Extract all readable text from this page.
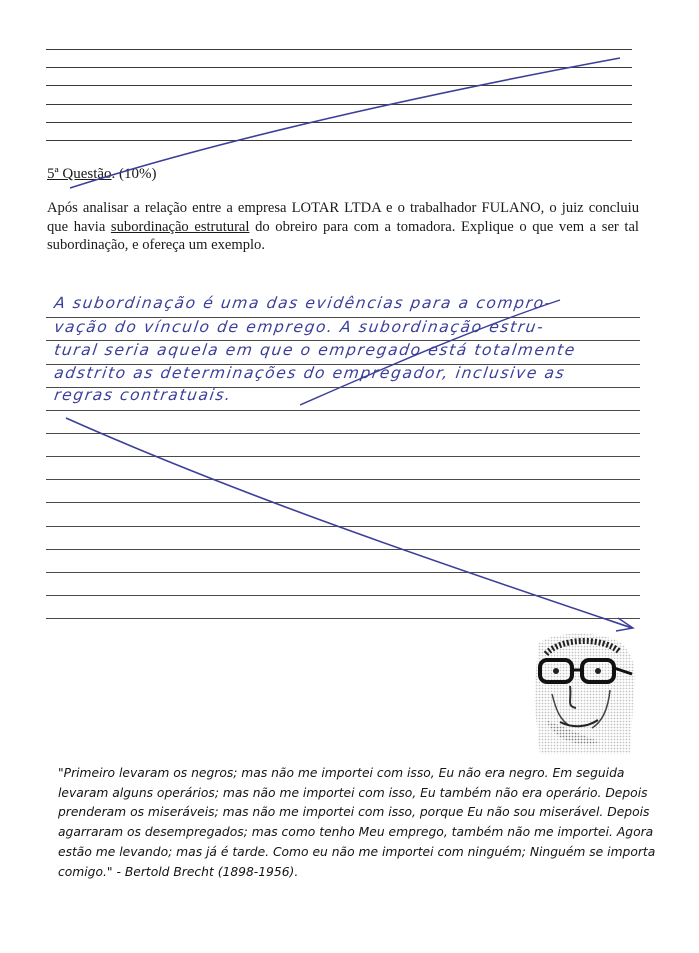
5ª Questão. (10%)
Após analisar a relação entre a empresa LOTAR LTDA e o trabalhador FULANO, o juiz concluiu que havia subordinação estrutural do obreiro para com a tomadora. Explique o que vem a ser tal subordinação, e ofereça um exemplo.
A subordinação é uma das evidências para a compro-
vação do vínculo de emprego. A subordinação estru-
tural seria aquela em que o empregado está totalmente
adstrito as determinações do empregador, inclusive as
regras contratuais.
"Primeiro levaram os negros; mas não me importei com isso, Eu não era negro. Em seguida levaram alguns operários; mas não me importei com isso, Eu também não era operário. Depois prenderam os miseráveis; mas não me importei com isso, porque Eu não sou miserável. Depois agarraram os desempregados; mas como tenho Meu emprego, também não me importei. Agora estão me levando; mas já é tarde. Como eu não me importei com ninguém; Ninguém se importa comigo." - Bertold Brecht (1898-1956).
